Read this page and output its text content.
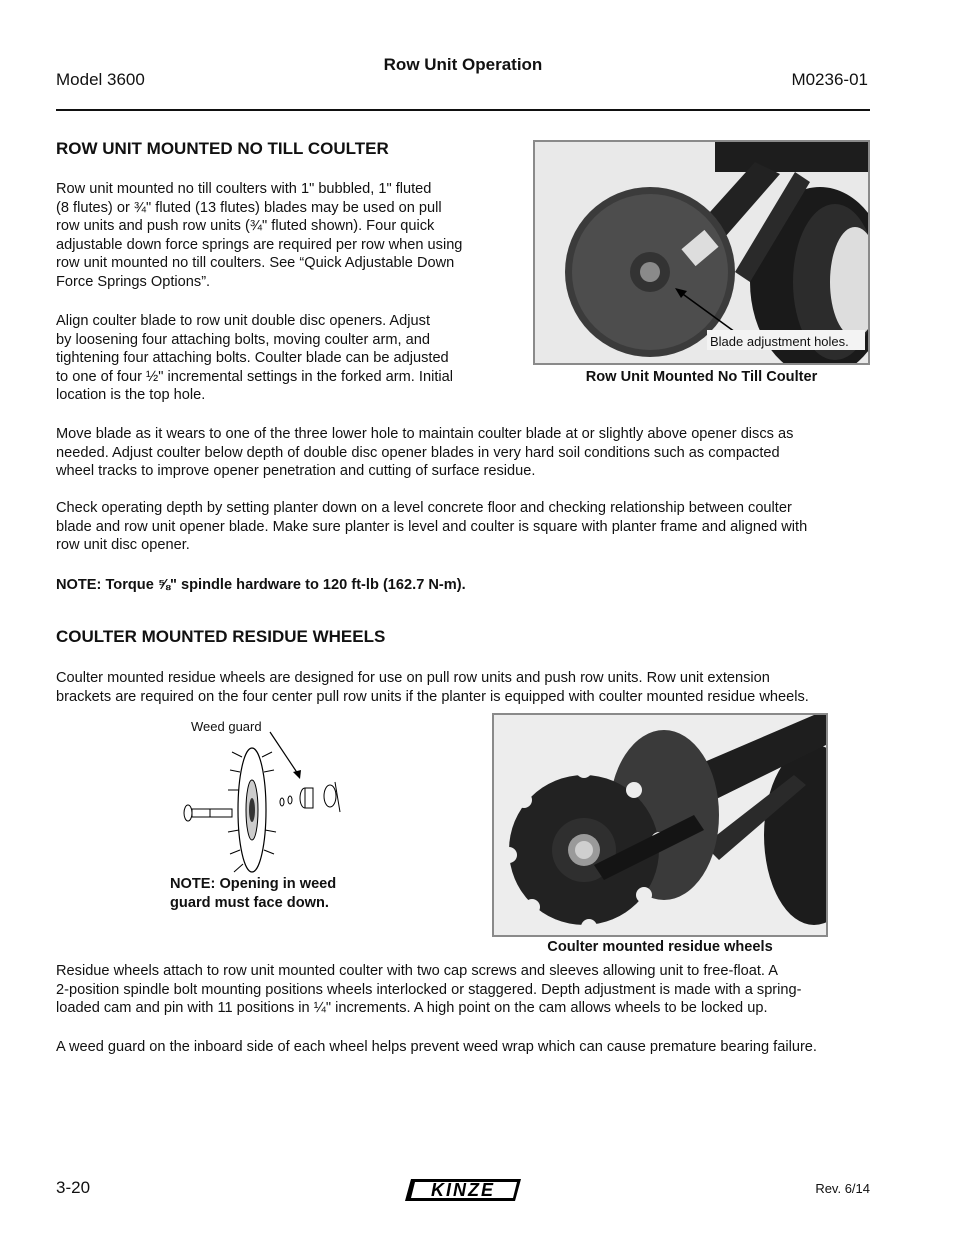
Row Unit Operation
Model 3600	M0236-01
ROW UNIT MOUNTED NO TILL COULTER
Row unit mounted no till coulters with 1" bubbled, 1" fluted
(8 flutes) or ¾" fluted (13 flutes) blades may be used on pull
row units and push row units (¾" fluted shown). Four quick
adjustable down force springs are required per row when using
row unit mounted no till coulters. See “Quick Adjustable Down
Force Springs Options”.
Align coulter blade to row unit double disc openers. Adjust
by loosening four attaching bolts, moving coulter arm, and
tightening four attaching bolts. Coulter blade can be adjusted
to one of four ½" incremental settings in the forked arm. Initial
location is the top hole.
Blade adjustment holes.
Row Unit Mounted No Till Coulter
Move blade as it wears to one of the three lower hole to maintain coulter blade at or slightly above opener discs as
needed. Adjust coulter below depth of double disc opener blades in very hard soil conditions such as compacted
wheel tracks to improve opener penetration and cutting of surface residue.
Check operating depth by setting planter down on a level concrete floor and checking relationship between coulter
blade and row unit opener blade. Make sure planter is level and coulter is square with planter frame and aligned with
row unit disc opener.
NOTE: Torque ⅝" spindle hardware to 120 ft-lb (162.7 N-m).
COULTER MOUNTED RESIDUE WHEELS
Coulter mounted residue wheels are designed for use on pull row units and push row units. Row unit extension
brackets are required on the four center pull row units if the planter is equipped with coulter mounted residue wheels.
Weed guard
NOTE: Opening in weed
guard must face down.
Coulter mounted residue wheels
Residue wheels attach to row unit mounted coulter with two cap screws and sleeves allowing unit to free-float. A
2-position spindle bolt mounting positions wheels interlocked or staggered. Depth adjustment is made with a spring-
loaded cam and pin with 11 positions in ¼" increments. A high point on the cam allows wheels to be locked up.
A weed guard on the inboard side of each wheel helps prevent weed wrap which can cause premature bearing failure.
3-20	KINZE	Rev. 6/14
